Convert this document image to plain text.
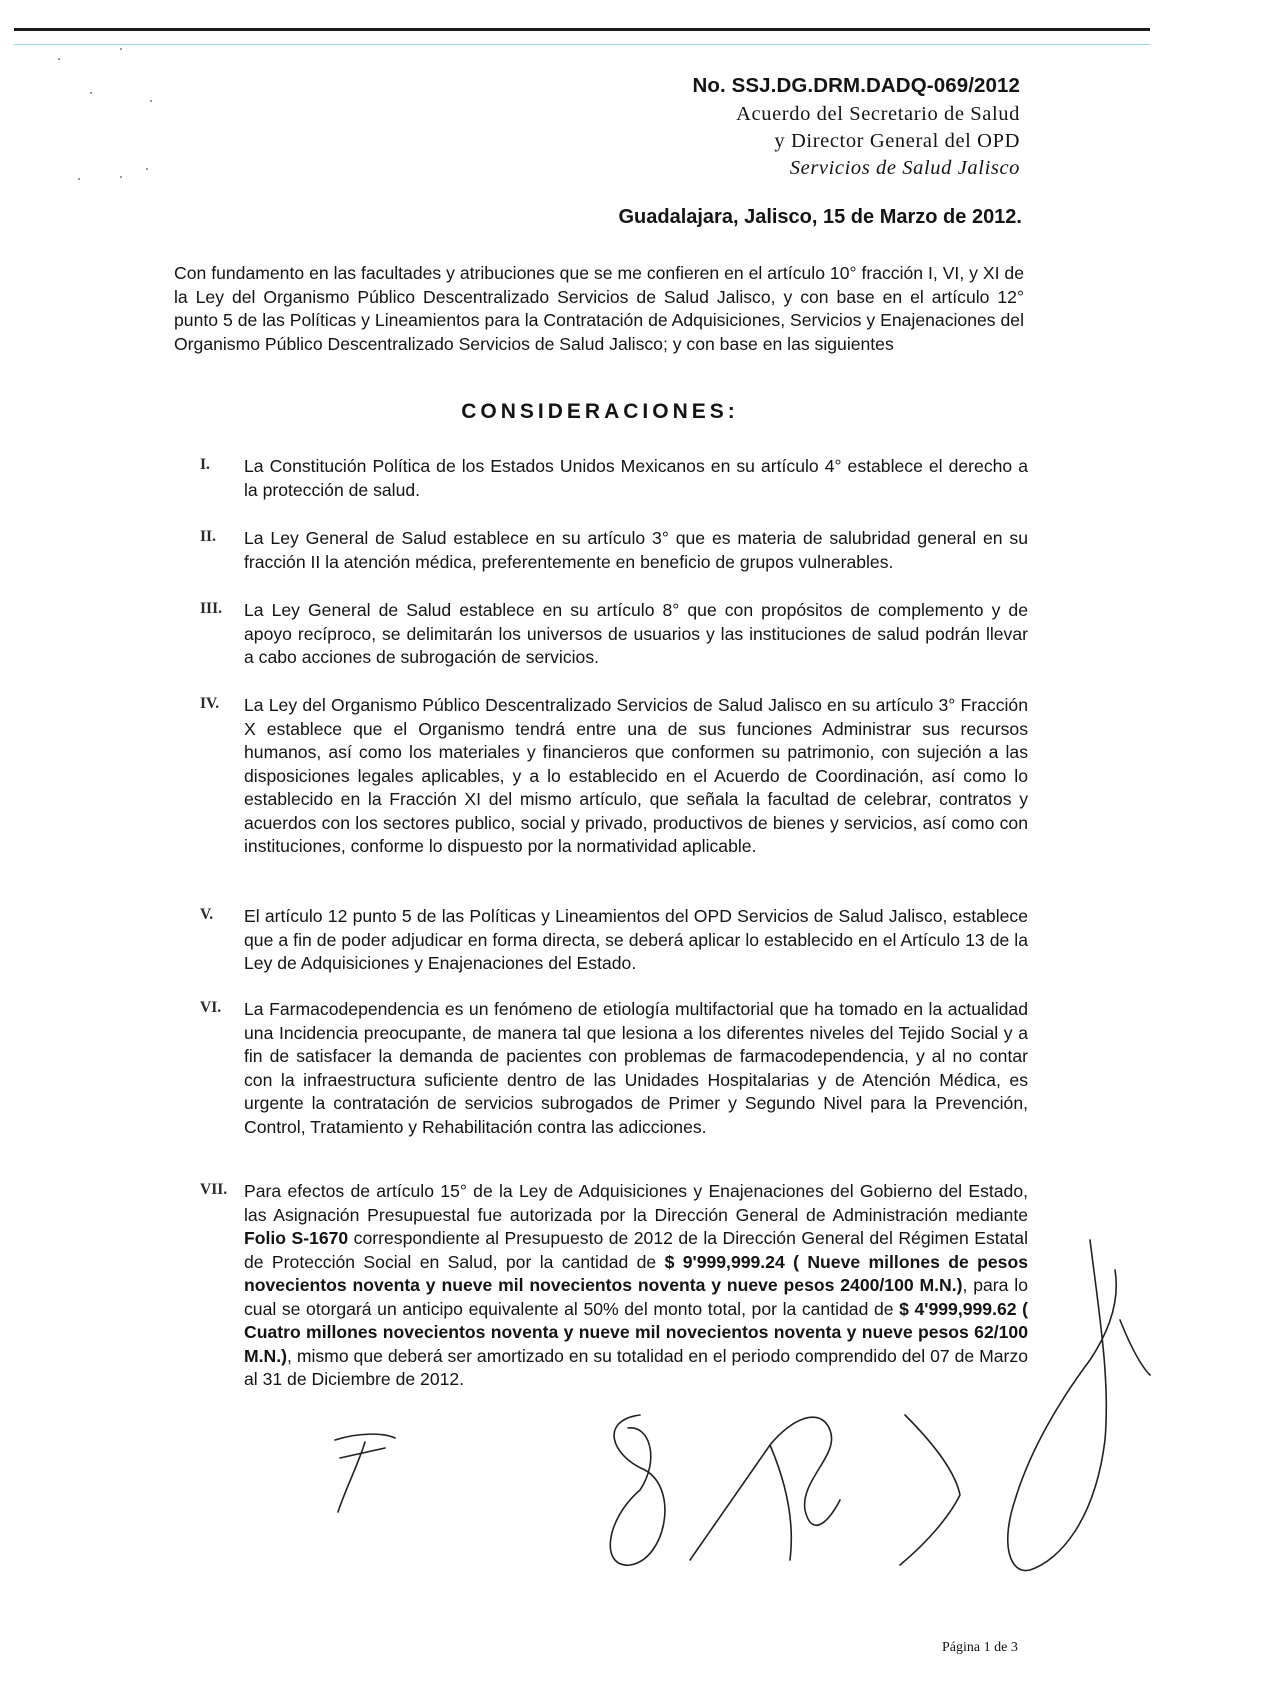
No. SSJ.DG.DRM.DADQ-069/2012
Acuerdo del Secretario de Salud
y Director General del OPD
Servicios de Salud Jalisco
Guadalajara, Jalisco, 15 de Marzo de 2012.
Con fundamento en las facultades y atribuciones que se me confieren en el artículo 10° fracción I, VI, y XI de la Ley del Organismo Público Descentralizado Servicios de Salud Jalisco, y con base en el artículo 12° punto 5 de las Políticas y Lineamientos para la Contratación de Adquisiciones, Servicios y Enajenaciones del Organismo Público Descentralizado Servicios de Salud Jalisco; y con base en las siguientes
CONSIDERACIONES:
I. La Constitución Política de los Estados Unidos Mexicanos en su artículo 4° establece el derecho a la protección de salud.
II. La Ley General de Salud establece en su artículo 3° que es materia de salubridad general en su fracción II la atención médica, preferentemente en beneficio de grupos vulnerables.
III. La Ley General de Salud establece en su artículo 8° que con propósitos de complemento y de apoyo recíproco, se delimitarán los universos de usuarios y las instituciones de salud podrán llevar a cabo acciones de subrogación de servicios.
IV. La Ley del Organismo Público Descentralizado Servicios de Salud Jalisco en su artículo 3° Fracción X establece que el Organismo tendrá entre una de sus funciones Administrar sus recursos humanos, así como los materiales y financieros que conformen su patrimonio, con sujeción a las disposiciones legales aplicables, y a lo establecido en el Acuerdo de Coordinación, así como lo establecido en la Fracción XI del mismo artículo, que señala la facultad de celebrar, contratos y acuerdos con los sectores publico, social y privado, productivos de bienes y servicios, así como con instituciones, conforme lo dispuesto por la normatividad aplicable.
V. El artículo 12 punto 5 de las Políticas y Lineamientos del OPD Servicios de Salud Jalisco, establece que a fin de poder adjudicar en forma directa, se deberá aplicar lo establecido en el Artículo 13 de la Ley de Adquisiciones y Enajenaciones del Estado.
VI. La Farmacodependencia es un fenómeno de etiología multifactorial que ha tomado en la actualidad una Incidencia preocupante, de manera tal que lesiona a los diferentes niveles del Tejido Social y a fin de satisfacer la demanda de pacientes con problemas de farmacodependencia, y al no contar con la infraestructura suficiente dentro de las Unidades Hospitalarias y de Atención Médica, es urgente la contratación de servicios subrogados de Primer y Segundo Nivel para la Prevención, Control, Tratamiento y Rehabilitación contra las adicciones.
VII. Para efectos de artículo 15° de la Ley de Adquisiciones y Enajenaciones del Gobierno del Estado, las Asignación Presupuestal fue autorizada por la Dirección General de Administración mediante Folio S-1670 correspondiente al Presupuesto de 2012 de la Dirección General del Régimen Estatal de Protección Social en Salud, por la cantidad de $ 9'999,999.24 ( Nueve millones de pesos novecientos noventa y nueve mil novecientos noventa y nueve pesos 2400/100 M.N.), para lo cual se otorgará un anticipo equivalente al 50% del monto total, por la cantidad de $ 4'999,999.62 ( Cuatro millones novecientos noventa y nueve mil novecientos noventa y nueve pesos 62/100 M.N.), mismo que deberá ser amortizado en su totalidad en el periodo comprendido del 07 de Marzo al 31 de Diciembre de 2012.
Página 1 de 3
